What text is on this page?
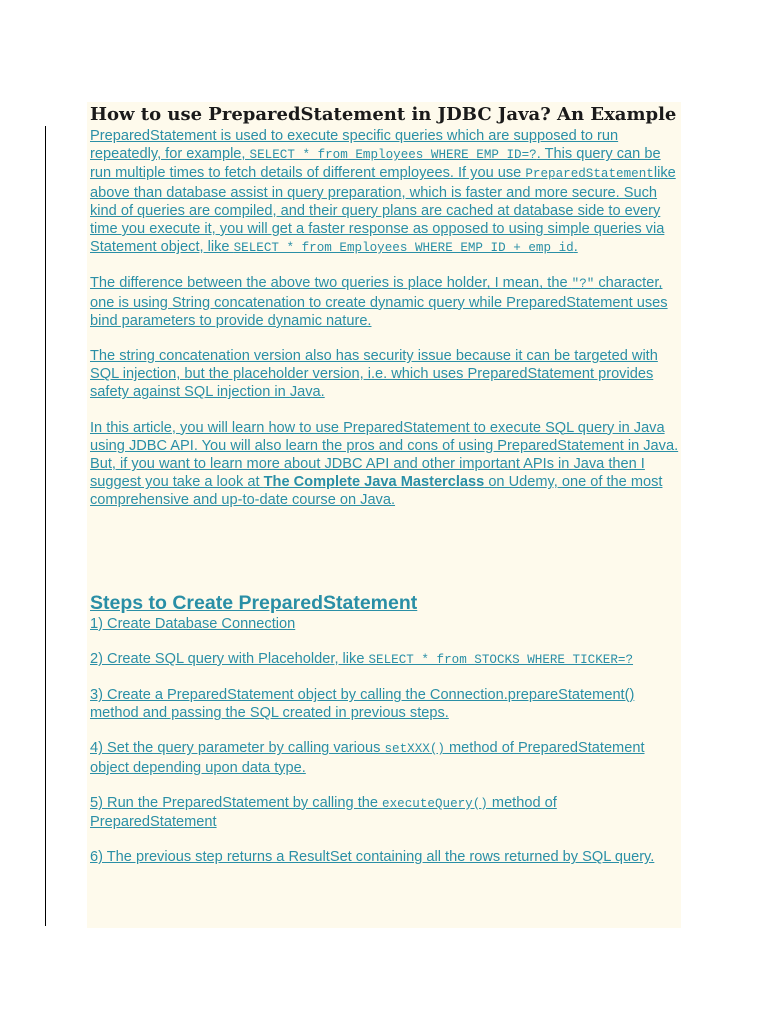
How to use PreparedStatement in JDBC Java? An Example

PreparedStatement is used to execute specific queries which are supposed to run repeatedly, for example, SELECT * from Employees WHERE EMP_ID=?. This query can be run multiple times to fetch details of different employees. If you use PreparedStatementlike above than database assist in query preparation, which is faster and more secure. Such kind of queries are compiled, and their query plans are cached at database side to every time you execute it, you will get a faster response as opposed to using simple queries via Statement object, like SELECT * from Employees WHERE EMP_ID + emp_id.

The difference between the above two queries is place holder, I mean, the "?" character, one is using String concatenation to create dynamic query while PreparedStatement uses bind parameters to provide dynamic nature.

The string concatenation version also has security issue because it can be targeted with SQL injection, but the placeholder version, i.e. which uses PreparedStatement provides safety against SQL injection in Java.

In this article, you will learn how to use PreparedStatement to execute SQL query in Java using JDBC API. You will also learn the pros and cons of using PreparedStatement in Java. But, if you want to learn more about JDBC API and other important APIs in Java then I suggest you take a look at The Complete Java Masterclass on Udemy, one of the most comprehensive and up-to-date course on Java.

Steps to Create PreparedStatement

1) Create Database Connection

2) Create SQL query with Placeholder, like SELECT * from STOCKS WHERE TICKER=?

3) Create a PreparedStatement object by calling the Connection.prepareStatement() method and passing the SQL created in previous steps.

4) Set the query parameter by calling various setXXX() method of PreparedStatement object depending upon data type.

5) Run the PreparedStatement by calling the executeQuery() method of PreparedStatement

6) The previous step returns a ResultSet containing all the rows returned by SQL query.
